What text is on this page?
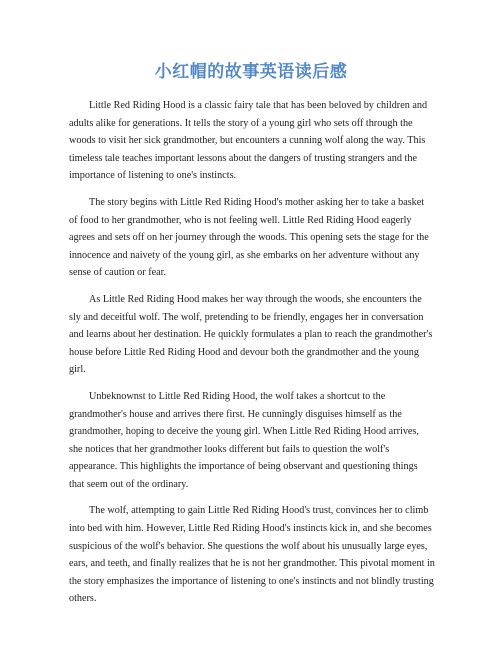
小红帽的故事英语读后感

Little Red Riding Hood is a classic fairy tale that has been beloved by children and adults alike for generations. It tells the story of a young girl who sets off through the woods to visit her sick grandmother, but encounters a cunning wolf along the way. This timeless tale teaches important lessons about the dangers of trusting strangers and the importance of listening to one's instincts.

The story begins with Little Red Riding Hood's mother asking her to take a basket of food to her grandmother, who is not feeling well. Little Red Riding Hood eagerly agrees and sets off on her journey through the woods. This opening sets the stage for the innocence and naivety of the young girl, as she embarks on her adventure without any sense of caution or fear.

As Little Red Riding Hood makes her way through the woods, she encounters the sly and deceitful wolf. The wolf, pretending to be friendly, engages her in conversation and learns about her destination. He quickly formulates a plan to reach the grandmother's house before Little Red Riding Hood and devour both the grandmother and the young girl.

Unbeknownst to Little Red Riding Hood, the wolf takes a shortcut to the grandmother's house and arrives there first. He cunningly disguises himself as the grandmother, hoping to deceive the young girl. When Little Red Riding Hood arrives, she notices that her grandmother looks different but fails to question the wolf's appearance. This highlights the importance of being observant and questioning things that seem out of the ordinary.

The wolf, attempting to gain Little Red Riding Hood's trust, convinces her to climb into bed with him. However, Little Red Riding Hood's instincts kick in, and she becomes suspicious of the wolf's behavior. She questions the wolf about his unusually large eyes, ears, and teeth, and finally realizes that he is not her grandmother. This pivotal moment in the story emphasizes the importance of listening to one's instincts and not blindly trusting others.
